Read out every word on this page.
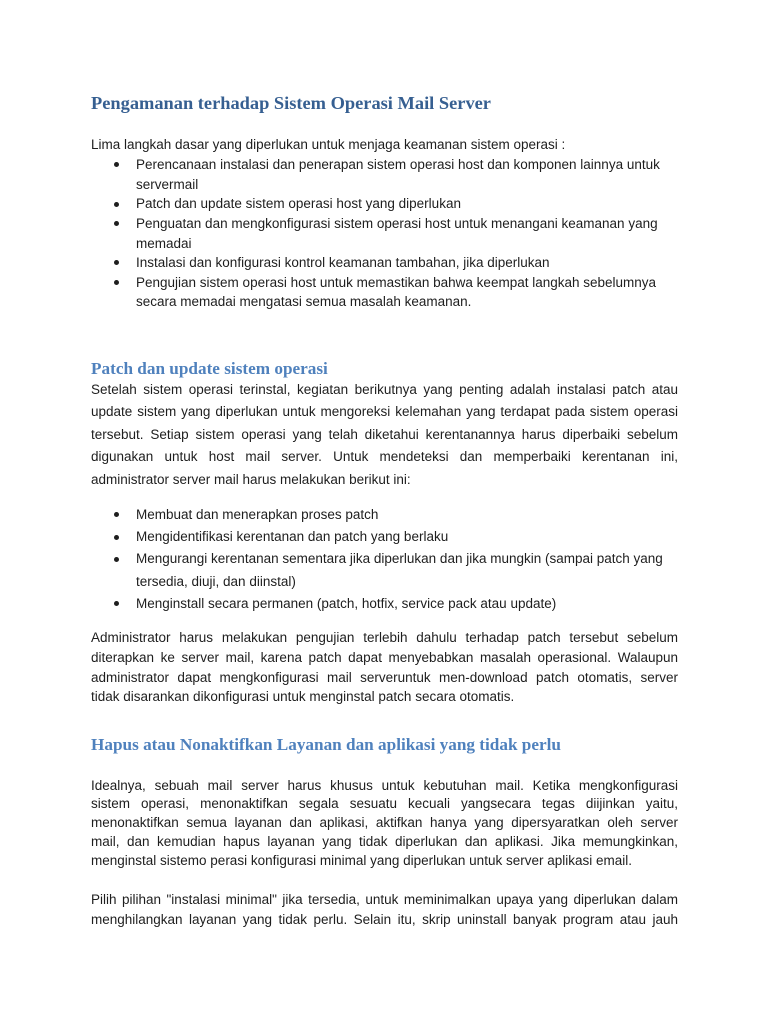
Pengamanan terhadap Sistem Operasi Mail Server
Lima langkah dasar yang diperlukan untuk menjaga keamanan sistem operasi :
Perencanaan instalasi dan penerapan sistem operasi host dan komponen lainnya untuk
servermail
Patch dan update sistem operasi host yang diperlukan
Penguatan dan mengkonfigurasi sistem operasi host untuk menangani keamanan yang
memadai
Instalasi dan konfigurasi kontrol keamanan tambahan, jika diperlukan
Pengujian sistem operasi host untuk memastikan bahwa keempat langkah sebelumnya
secara memadai mengatasi semua masalah keamanan.
Patch dan update sistem operasi
Setelah sistem operasi terinstal, kegiatan berikutnya yang penting adalah instalasi patch atau
update sistem yang diperlukan untuk mengoreksi kelemahan yang terdapat pada sistem operasi
tersebut. Setiap sistem operasi yang telah diketahui kerentanannya harus diperbaiki sebelum
digunakan untuk host mail server. Untuk mendeteksi dan memperbaiki kerentanan ini,
administrator server mail harus melakukan berikut ini:
Membuat dan menerapkan proses patch
Mengidentifikasi kerentanan dan patch yang berlaku
Mengurangi kerentanan sementara jika diperlukan dan jika mungkin (sampai patch yang
tersedia, diuji, dan diinstal)
Menginstall secara permanen (patch, hotfix, service pack atau update)
Administrator harus melakukan pengujian terlebih dahulu terhadap patch tersebut sebelum
diterapkan ke server mail, karena patch dapat menyebabkan masalah operasional. Walaupun
administrator dapat mengkonfigurasi mail serveruntuk men-download patch otomatis, server
tidak disarankan dikonfigurasi untuk menginstal patch secara otomatis.
Hapus atau Nonaktifkan Layanan dan aplikasi yang tidak perlu
Idealnya, sebuah mail server harus khusus untuk kebutuhan mail. Ketika mengkonfigurasi
sistem operasi, menonaktifkan segala sesuatu kecuali yangsecara tegas diijinkan yaitu,
menonaktifkan semua layanan dan aplikasi, aktifkan hanya yang dipersyaratkan oleh server
mail, dan kemudian hapus layanan yang tidak diperlukan dan aplikasi. Jika memungkinkan,
menginstal sistemo perasi konfigurasi minimal yang diperlukan untuk server aplikasi email.
Pilih pilihan "instalasi minimal" jika tersedia, untuk meminimalkan upaya yang diperlukan dalam
menghilangkan layanan yang tidak perlu. Selain itu, skrip uninstall banyak program atau jauh
